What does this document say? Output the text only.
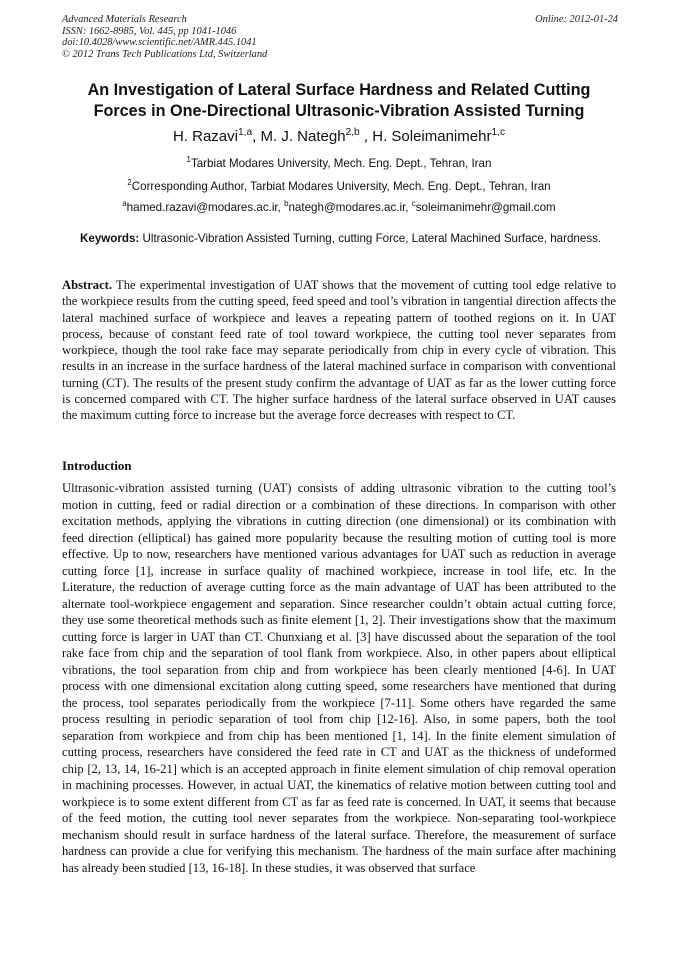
Advanced Materials Research
ISSN: 1662-8985, Vol. 445, pp 1041-1046
doi:10.4028/www.scientific.net/AMR.445.1041
© 2012 Trans Tech Publications Ltd, Switzerland
Online: 2012-01-24
An Investigation of Lateral Surface Hardness and Related Cutting
Forces in One-Directional Ultrasonic-Vibration Assisted Turning
H. Razavi$^{1,a}$, M. J. Nategh$^{2,b}$ , H. Soleimanimehr$^{1,c}$
$^1$Tarbiat Modares University, Mech. Eng. Dept., Tehran, Iran
$^2$Corresponding Author, Tarbiat Modares University, Mech. Eng. Dept., Tehran, Iran
$^a$hamed.razavi@modares.ac.ir, $^b$nategh@modares.ac.ir, $^c$soleimanimehr@gmail.com
Keywords: Ultrasonic-Vibration Assisted Turning, cutting Force, Lateral Machined Surface, hardness.
Abstract. The experimental investigation of UAT shows that the movement of cutting tool edge relative to the workpiece results from the cutting speed, feed speed and tool’s vibration in tangential direction affects the lateral machined surface of workpiece and leaves a repeating pattern of toothed regions on it. In UAT process, because of constant feed rate of tool toward workpiece, the cutting tool never separates from workpiece, though the tool rake face may separate periodically from chip in every cycle of vibration. This results in an increase in the surface hardness of the lateral machined surface in comparison with conventional turning (CT). The results of the present study confirm the advantage of UAT as far as the lower cutting force is concerned compared with CT. The higher surface hardness of the lateral surface observed in UAT causes the maximum cutting force to increase but the average force decreases with respect to CT.
Introduction
Ultrasonic-vibration assisted turning (UAT) consists of adding ultrasonic vibration to the cutting tool’s motion in cutting, feed or radial direction or a combination of these directions. In comparison with other excitation methods, applying the vibrations in cutting direction (one dimensional) or its combination with feed direction (elliptical) has gained more popularity because the resulting motion of cutting tool is more effective. Up to now, researchers have mentioned various advantages for UAT such as reduction in average cutting force [1], increase in surface quality of machined workpiece, increase in tool life, etc. In the Literature, the reduction of average cutting force as the main advantage of UAT has been attributed to the alternate tool-workpiece engagement and separation. Since researcher couldn’t obtain actual cutting force, they use some theoretical methods such as finite element [1, 2]. Their investigations show that the maximum cutting force is larger in UAT than CT. Chunxiang et al. [3] have discussed about the separation of the tool rake face from chip and the separation of tool flank from workpiece. Also, in other papers about elliptical vibrations, the tool separation from chip and from workpiece has been clearly mentioned [4-6]. In UAT process with one dimensional excitation along cutting speed, some researchers have mentioned that during the process, tool separates periodically from the workpiece [7-11]. Some others have regarded the same process resulting in periodic separation of tool from chip [12-16]. Also, in some papers, both the tool separation from workpiece and from chip has been mentioned [1, 14]. In the finite element simulation of cutting process, researchers have considered the feed rate in CT and UAT as the thickness of undeformed chip [2, 13, 14, 16-21] which is an accepted approach in finite element simulation of chip removal operation in machining processes. However, in actual UAT, the kinematics of relative motion between cutting tool and workpiece is to some extent different from CT as far as feed rate is concerned. In UAT, it seems that because of the feed motion, the cutting tool never separates from the workpiece. Non-separating tool-workpiece mechanism should result in surface hardness of the lateral surface. Therefore, the measurement of surface hardness can provide a clue for verifying this mechanism. The hardness of the main surface after machining has already been studied [13, 16-18]. In these studies, it was observed that surface
